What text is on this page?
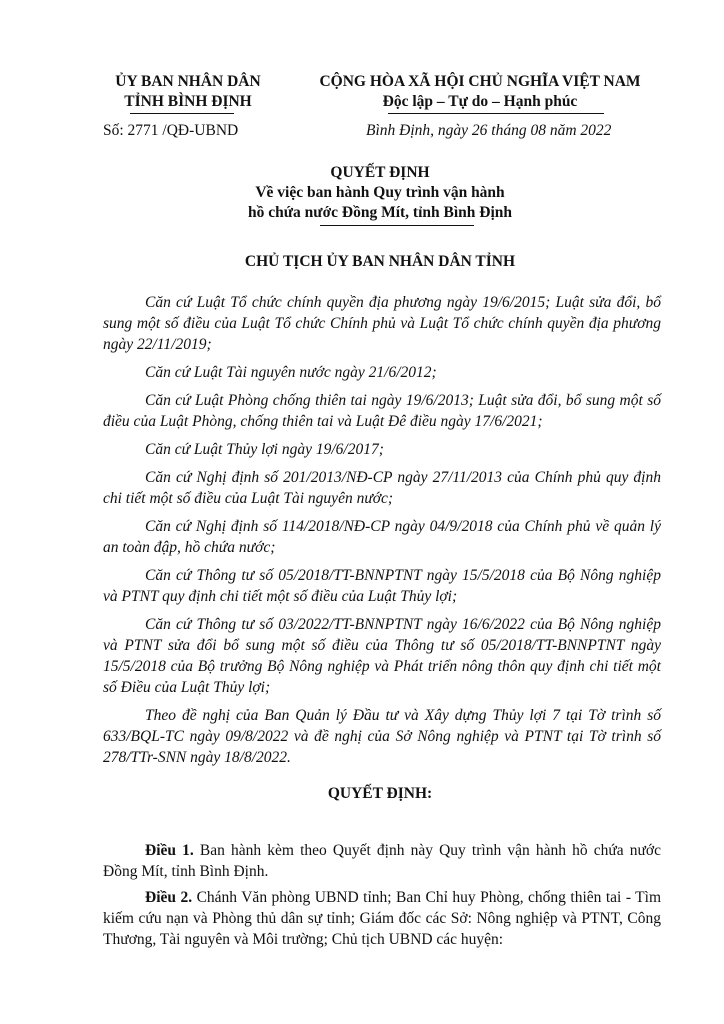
ỦY BAN NHÂN DÂN
TỈNH BÌNH ĐỊNH
CỘNG HÒA XÃ HỘI CHỦ NGHĨA VIỆT NAM
Độc lập – Tự do – Hạnh phúc
Số: 2771 /QĐ-UBND	Bình Định, ngày 26 tháng 08 năm 2022
QUYẾT ĐỊNH
Về việc ban hành Quy trình vận hành
hồ chứa nước Đồng Mít, tỉnh Bình Định
CHỦ TỊCH ỦY BAN NHÂN DÂN TỈNH

Căn cứ Luật Tổ chức chính quyền địa phương ngày 19/6/2015; Luật sửa đổi, bổ sung một số điều của Luật Tổ chức Chính phủ và Luật Tổ chức chính quyền địa phương ngày 22/11/2019;

Căn cứ Luật Tài nguyên nước ngày 21/6/2012;

Căn cứ Luật Phòng chống thiên tai ngày 19/6/2013; Luật sửa đổi, bổ sung một số điều của Luật Phòng, chống thiên tai và Luật Đê điều ngày 17/6/2021;

Căn cứ Luật Thủy lợi ngày 19/6/2017;

Căn cứ Nghị định số 201/2013/NĐ-CP ngày 27/11/2013 của Chính phủ quy định chi tiết một số điều của Luật Tài nguyên nước;

Căn cứ Nghị định số 114/2018/NĐ-CP ngày 04/9/2018 của Chính phủ về quản lý an toàn đập, hồ chứa nước;

Căn cứ Thông tư số 05/2018/TT-BNNPTNT ngày 15/5/2018 của Bộ Nông nghiệp và PTNT quy định chi tiết một số điều của Luật Thủy lợi;

Căn cứ Thông tư số 03/2022/TT-BNNPTNT ngày 16/6/2022 của Bộ Nông nghiệp và PTNT sửa đổi bổ sung một số điều của Thông tư số 05/2018/TT-BNNPTNT ngày 15/5/2018 của Bộ trưởng Bộ Nông nghiệp và Phát triển nông thôn quy định chi tiết một số Điều của Luật Thủy lợi;

Theo đề nghị của Ban Quản lý Đầu tư và Xây dựng Thủy lợi 7 tại Tờ trình số 633/BQL-TC ngày 09/8/2022 và đề nghị của Sở Nông nghiệp và PTNT tại Tờ trình số 278/TTr-SNN ngày 18/8/2022.

QUYẾT ĐỊNH:

Điều 1. Ban hành kèm theo Quyết định này Quy trình vận hành hồ chứa nước Đồng Mít, tỉnh Bình Định.

Điều 2. Chánh Văn phòng UBND tỉnh; Ban Chỉ huy Phòng, chống thiên tai - Tìm kiếm cứu nạn và Phòng thủ dân sự tỉnh; Giám đốc các Sở: Nông nghiệp và PTNT, Công Thương, Tài nguyên và Môi trường; Chủ tịch UBND các huyện:
